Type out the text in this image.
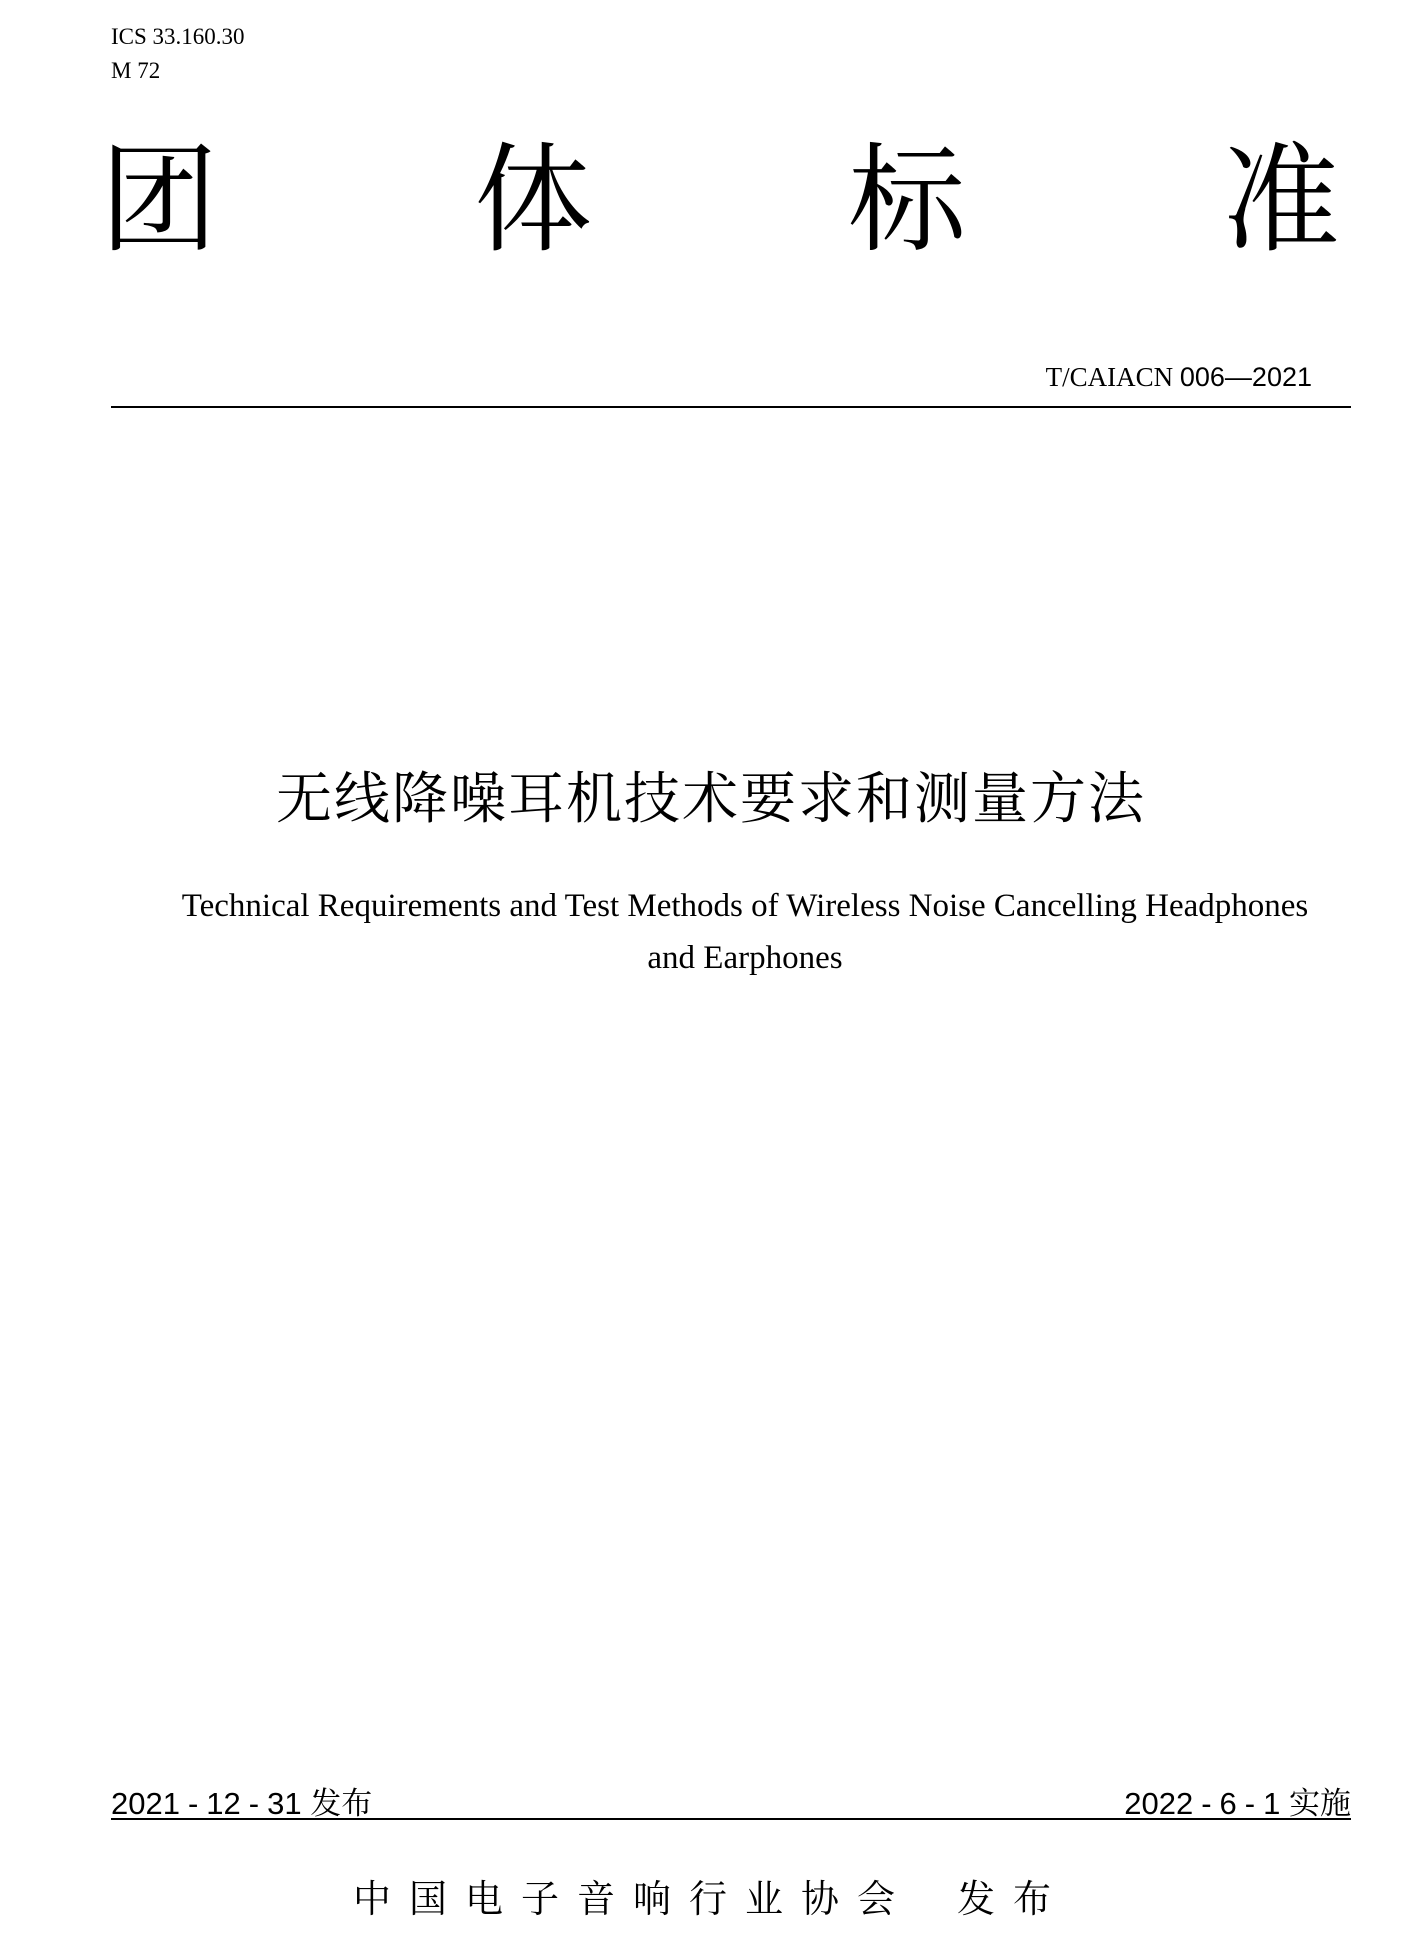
ICS 33.160.30
M 72
团 体 标 准
T/CAIACN 006—2021
无线降噪耳机技术要求和测量方法
Technical Requirements and Test Methods of Wireless Noise Cancelling Headphones
and Earphones
2021 - 12 - 31 发布	2022 - 6 - 1 实施
中国电子音响行业协会 发布
